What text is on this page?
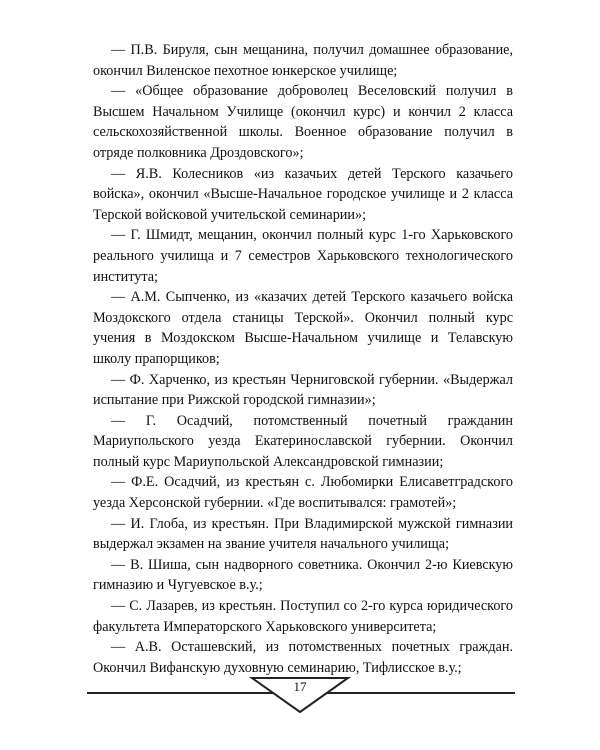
— П.В. Бируля, сын мещанина, получил домашнее образование, окончил Виленское пехотное юнкерское училище;

— «Общее образование доброволец Веселовский получил в Высшем Начальном Училище (окончил курс) и кончил 2 класса сельскохозяйственной школы. Военное образование получил в отряде полковника Дроздовского»;

— Я.В. Колесников «из казачьих детей Терского казачьего войска», окончил «Высше-Начальное городское училище и 2 класса Терской войсковой учительской семинарии»;

— Г. Шмидт, мещанин, окончил полный курс 1-го Харьковского реального училища и 7 семестров Харьковского технологического института;

— А.М. Сыпченко, из «казачих детей Терского казачьего войска Моздокского отдела станицы Терской». Окончил полный курс учения в Моздокском Высше-Начальном училище и Телавскую школу прапорщиков;

— Ф. Харченко, из крестьян Черниговской губернии. «Выдержал испытание при Рижской городской гимназии»;

— Г. Осадчий, потомственный почетный гражданин Мариупольского уезда Екатеринославской губернии. Окончил полный курс Мариупольской Александровской гимназии;

— Ф.Е. Осадчий, из крестьян с. Любомирки Елисаветградского уезда Херсонской губернии. «Где воспитывался: грамотей»;

— И. Глоба, из крестьян. При Владимирской мужской гимназии выдержал экзамен на звание учителя начального училища;

— В. Шиша, сын надворного советника. Окончил 2-ю Киевскую гимназию и Чугуевское в.у.;

— С. Лазарев, из крестьян. Поступил со 2-го курса юридического факультета Императорского Харьковского университета;

— А.В. Осташевский, из потомственных почетных граждан. Окончил Вифанскую духовную семинарию, Тифлисское в.у.;

17
